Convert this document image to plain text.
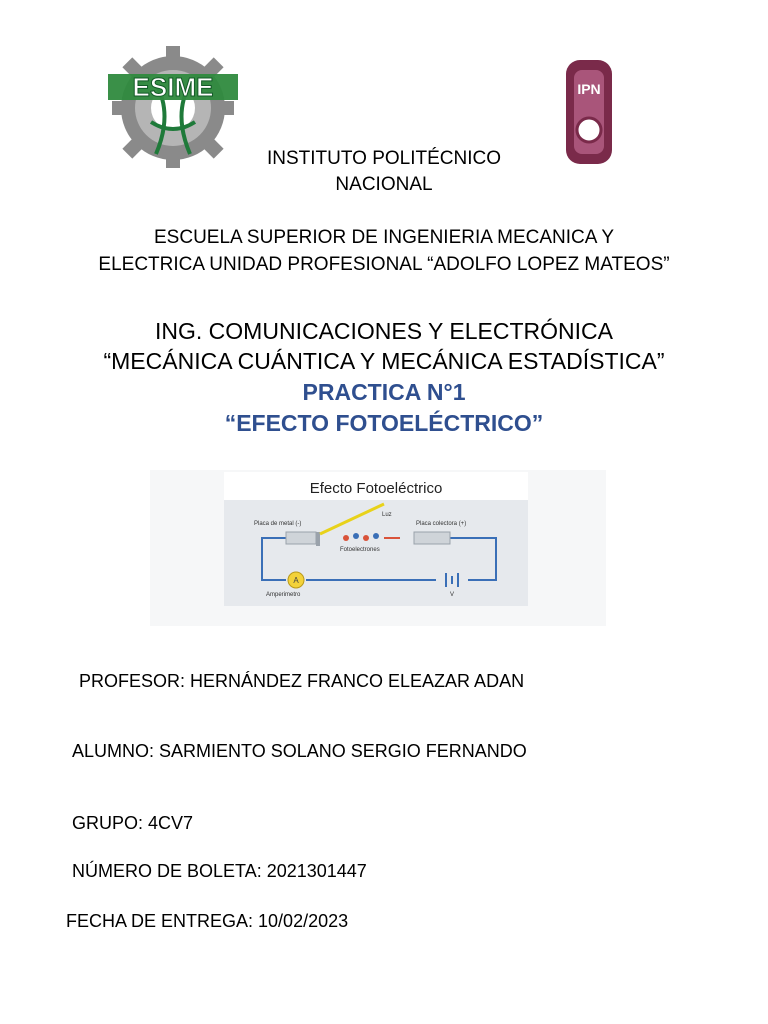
ESIME	IPN
INSTITUTO POLITÉCNICO
NACIONAL
ESCUELA SUPERIOR DE INGENIERIA MECANICA Y
ELECTRICA UNIDAD PROFESIONAL “ADOLFO LOPEZ MATEOS”
ING. COMUNICACIONES Y ELECTRÓNICA
“MECÁNICA CUÁNTICA Y MECÁNICA ESTADÍSTICA”
PRACTICA N°1
“EFECTO FOTOELÉCTRICO”
Efecto Fotoeléctrico
Luz
Placa de metal (-)	Placa colectora (+)
Fotoelectrones
A
Amperimetro	V
PROFESOR: HERNÁNDEZ FRANCO ELEAZAR ADAN
ALUMNO: SARMIENTO SOLANO SERGIO FERNANDO
GRUPO: 4CV7
NÚMERO DE BOLETA: 2021301447
FECHA DE ENTREGA: 10/02/2023
